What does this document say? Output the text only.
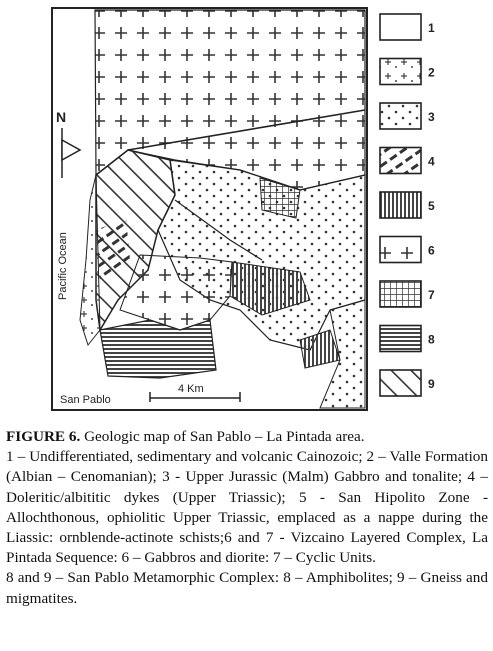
N
Pacific Ocean
San Pablo
4 Km
1
2
3
4
5
6
7
8
9

FIGURE 6. Geologic map of San Pablo – La Pintada area.

1 – Undifferentiated, sedimentary and volcanic Cainozoic; 2 – Valle Formation (Albian – Cenomanian); 3 - Upper Jurassic (Malm) Gabbro and tonalite; 4 – Doleritic/albititic dykes (Upper Triassic); 5 - San Hipolito Zone - Allochthonous, ophiolitic Upper Triassic, emplaced as a nappe during the Liassic: ornblende-actinote schists;6 and 7 - Vizcaino Layered Complex, La Pintada Sequence: 6 – Gabbros and diorite: 7 – Cyclic Units.

8 and 9 – San Pablo Metamorphic Complex: 8 – Amphibolites; 9 – Gneiss and migmatites.
